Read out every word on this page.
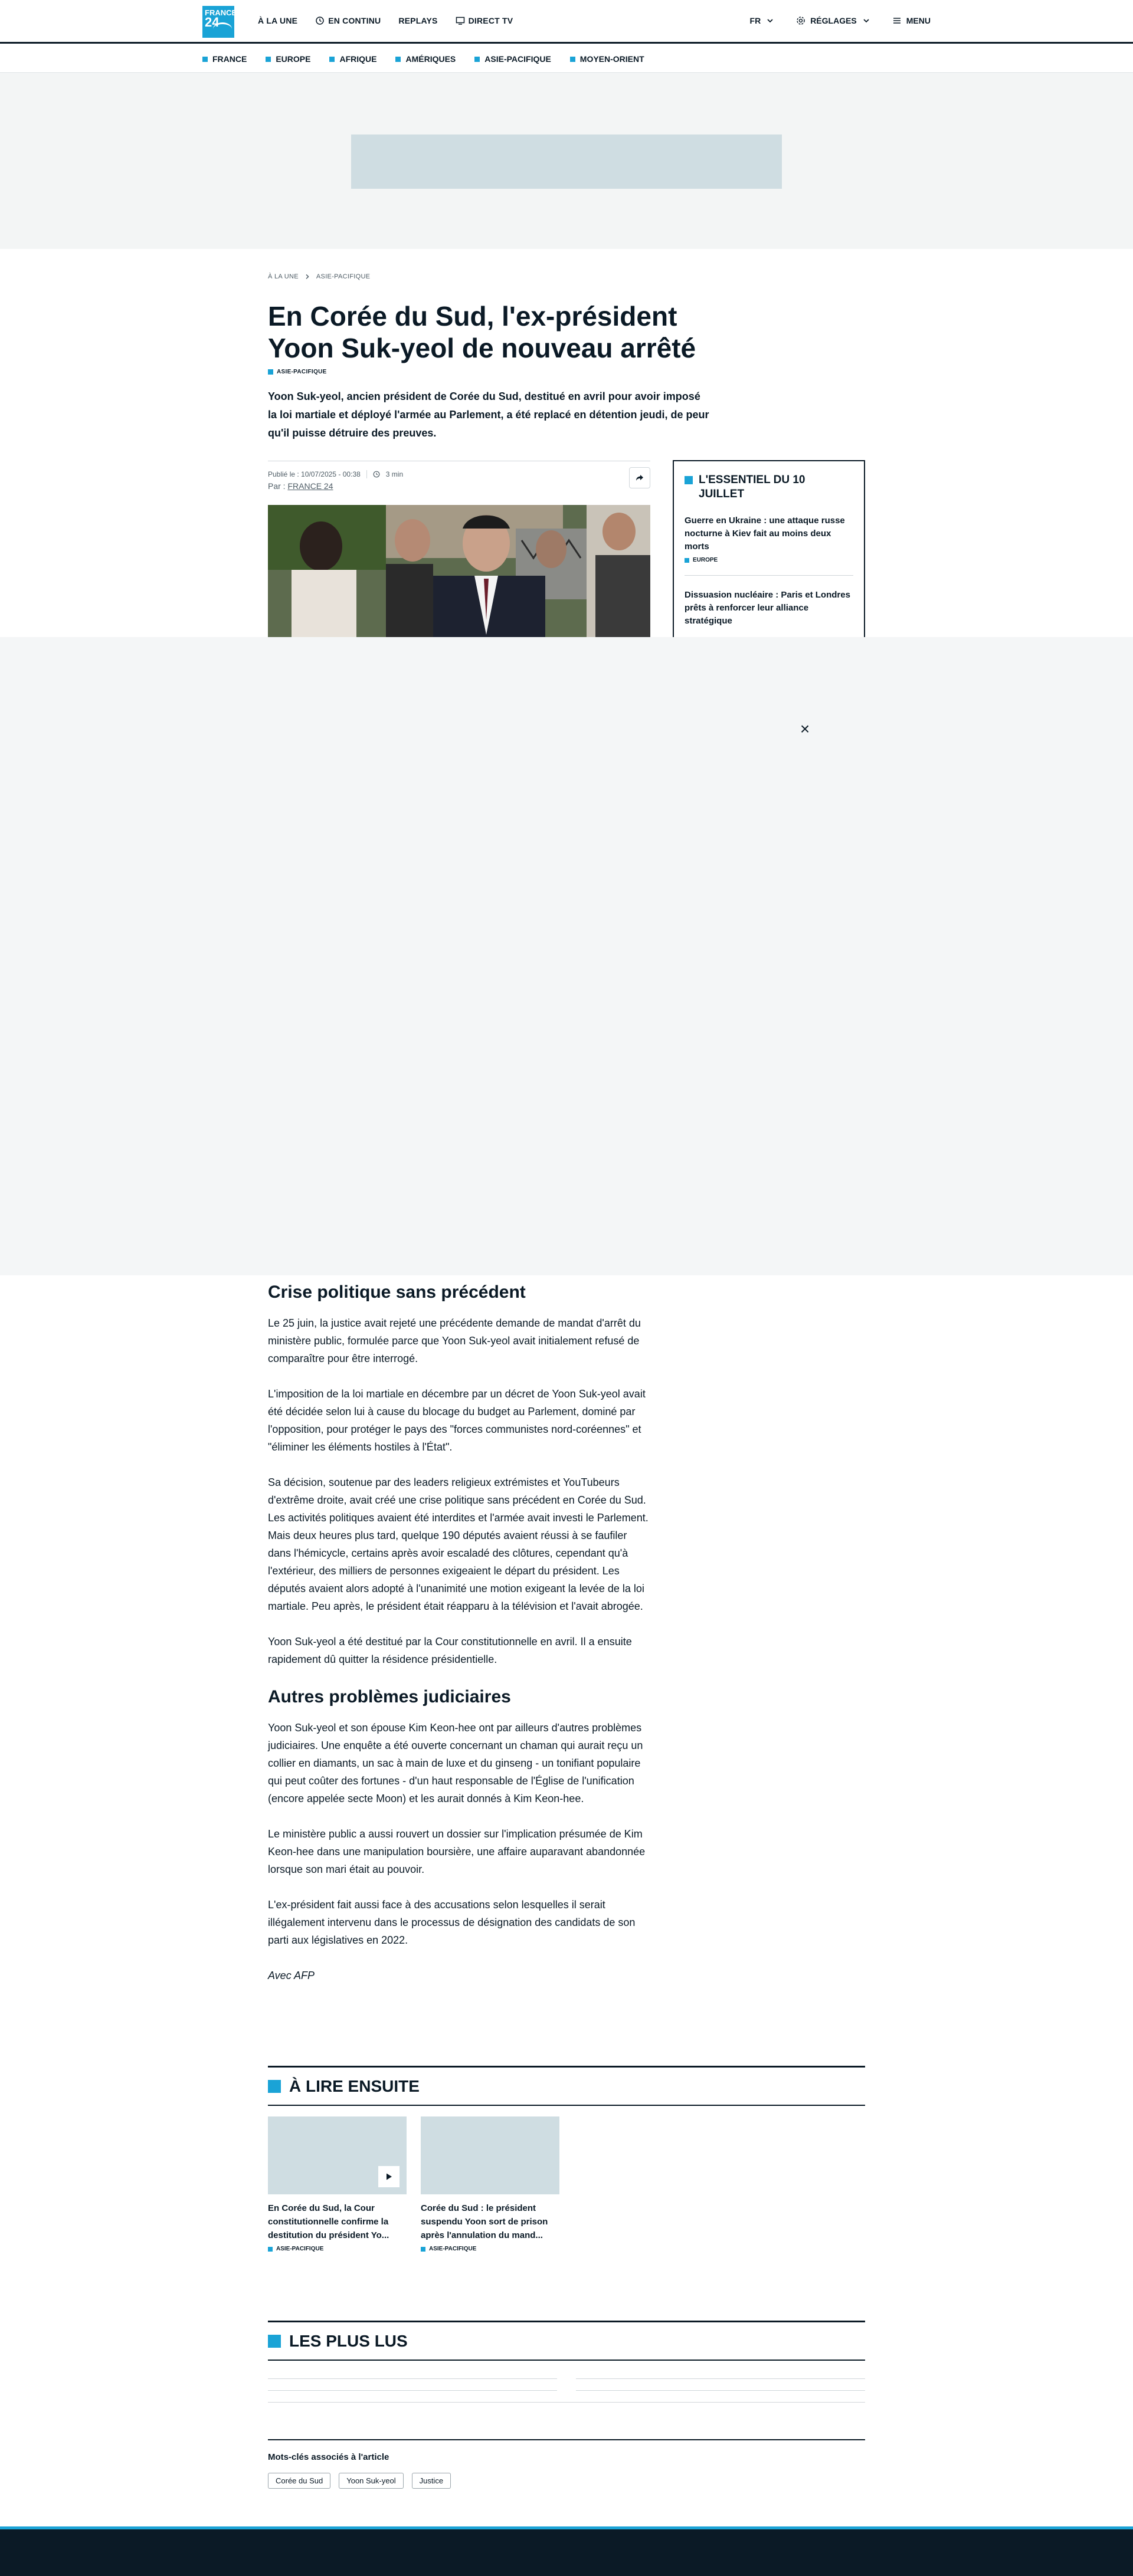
FRANCE
24	À LA UNE	EN CONTINU REPLAYS	DIRECT TV	FR	RÉGLAGES	MENU
FRANCE	EUROPE	AFRIQUE	AMÉRIQUES	ASIE-PACIFIQUE	MOYEN-ORIENT
À LA UNE	ASIE-PACIFIQUE
En Corée du Sud, l'ex-président Yoon Suk-yeol de nouveau arrêté
ASIE-PACIFIQUE

Yoon Suk-yeol, ancien président de Corée du Sud, destitué en avril pour avoir imposé la loi martiale et déployé l'armée au Parlement, a été replacé en détention jeudi, de peur qu'il puisse détruire des preuves.

Publié le : 10/07/2025 - 00:38	3 min
Par : FRANCE 24	L'ESSENTIEL DU 10 JUILLET
Guerre en Ukraine : une attaque russe nocturne à Kiev fait au moins deux morts
EUROPE
Dissuasion nucléaire : Paris et Londres prêts à renforcer leur alliance stratégique
×
Crise politique sans précédent

Le 25 juin, la justice avait rejeté une précédente demande de mandat d'arrêt du ministère public, formulée parce que Yoon Suk-yeol avait initialement refusé de comparaître pour être interrogé.

L'imposition de la loi martiale en décembre par un décret de Yoon Suk-yeol avait été décidée selon lui à cause du blocage du budget au Parlement, dominé par l'opposition, pour protéger le pays des "forces communistes nord-coréennes" et "éliminer les éléments hostiles à l'État".

Sa décision, soutenue par des leaders religieux extrémistes et YouTubeurs d'extrême droite, avait créé une crise politique sans précédent en Corée du Sud. Les activités politiques avaient été interdites et l'armée avait investi le Parlement. Mais deux heures plus tard, quelque 190 députés avaient réussi à se faufiler dans l'hémicycle, certains après avoir escaladé des clôtures, cependant qu'à l'extérieur, des milliers de personnes exigeaient le départ du président. Les députés avaient alors adopté à l'unanimité une motion exigeant la levée de la loi martiale. Peu après, le président était réapparu à la télévision et l'avait abrogée.

Yoon Suk-yeol a été destitué par la Cour constitutionnelle en avril. Il a ensuite rapidement dû quitter la résidence présidentielle.

Autres problèmes judiciaires

Yoon Suk-yeol et son épouse Kim Keon-hee ont par ailleurs d'autres problèmes judiciaires. Une enquête a été ouverte concernant un chaman qui aurait reçu un collier en diamants, un sac à main de luxe et du ginseng - un tonifiant populaire qui peut coûter des fortunes - d'un haut responsable de l'Église de l'unification (encore appelée secte Moon) et les aurait donnés à Kim Keon-hee.

Le ministère public a aussi rouvert un dossier sur l'implication présumée de Kim Keon-hee dans une manipulation boursière, une affaire auparavant abandonnée lorsque son mari était au pouvoir.

L'ex-président fait aussi face à des accusations selon lesquelles il serait illégalement intervenu dans le processus de désignation des candidats de son parti aux législatives en 2022.

Avec AFP

À LIRE ENSUITE
En Corée du Sud, la Cour constitutionnelle confirme la destitution du président Yo...
ASIE-PACIFIQUE
Corée du Sud : le président suspendu Yoon sort de prison après l'annulation du mand...
ASIE-PACIFIQUE
LES PLUS LUS
Mots-clés associés à l'article
Corée du Sud	Yoon Suk-yeol	Justice
